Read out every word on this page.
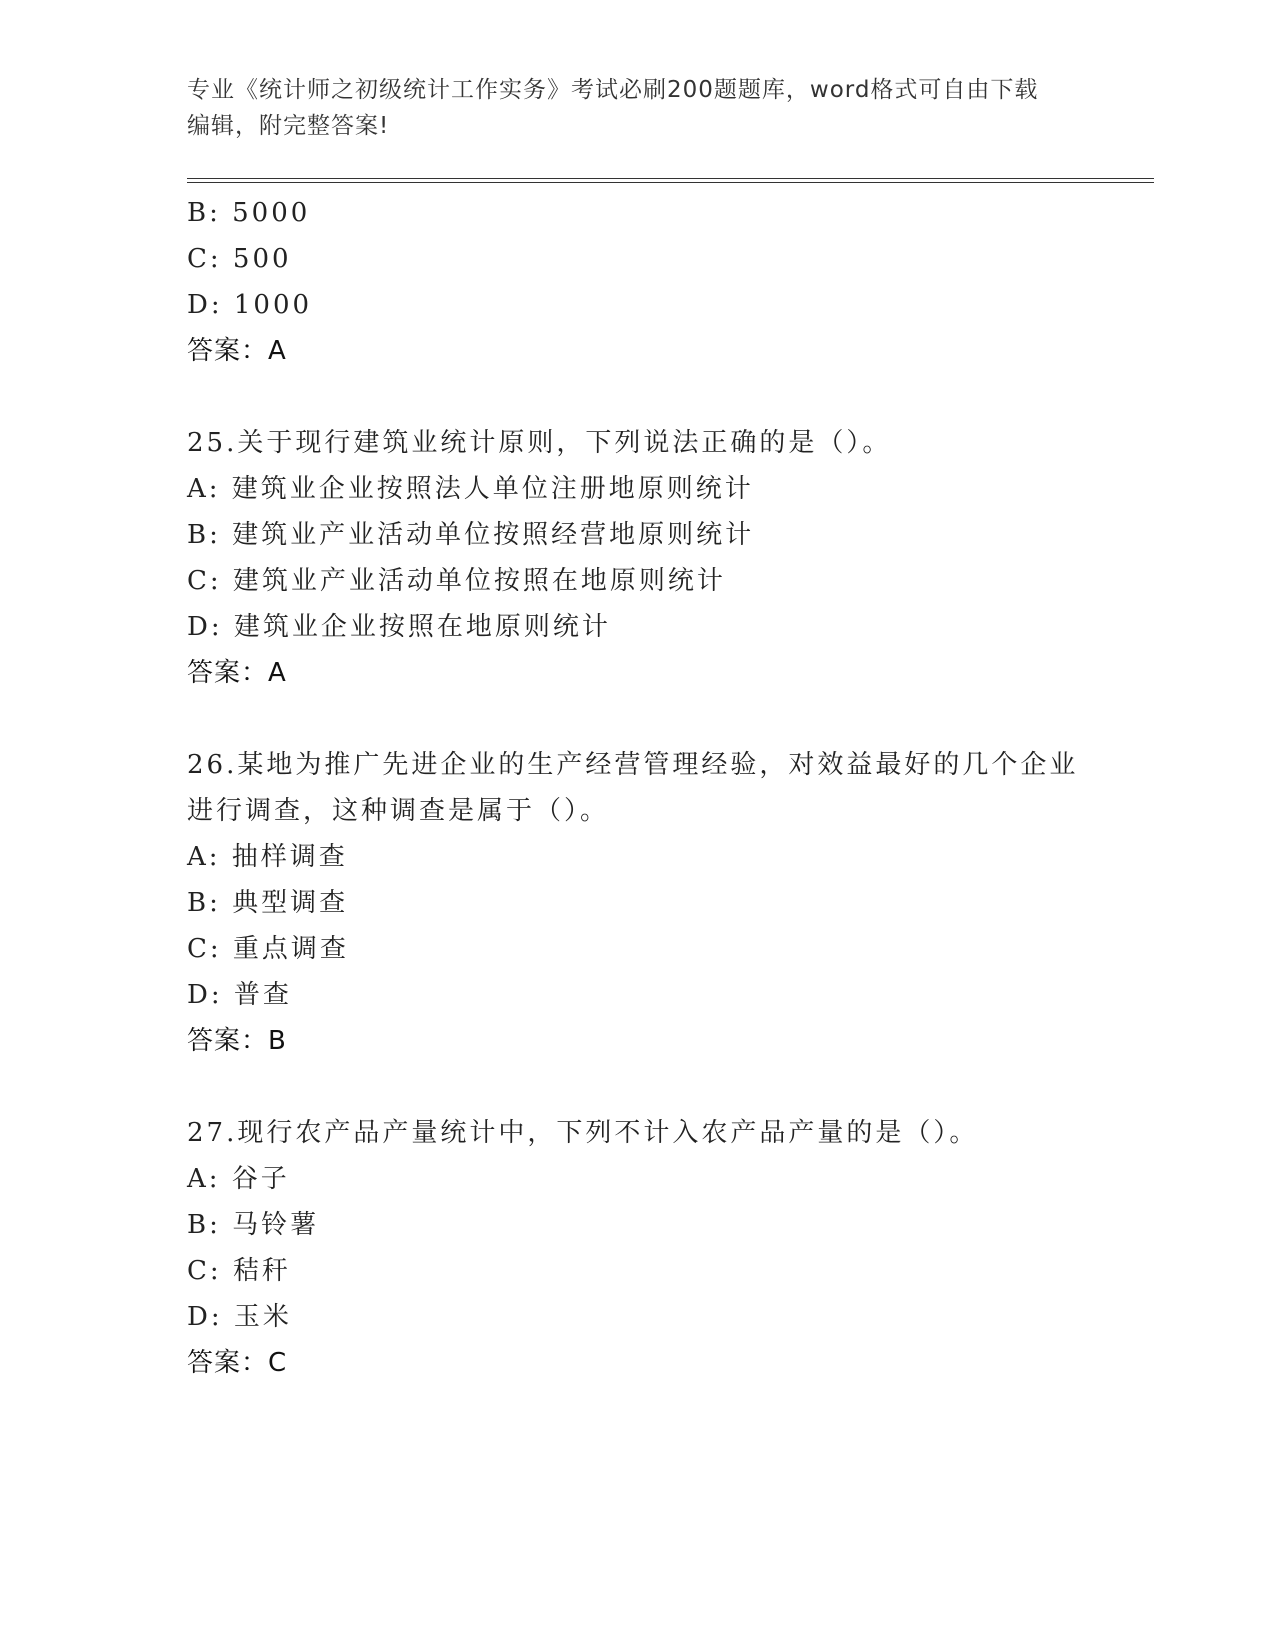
专业《统计师之初级统计工作实务》考试必刷200题题库，word格式可自由下载
编辑，附完整答案!
B: 5000
C: 500
D: 1000
答案：A
25.关于现行建筑业统计原则，下列说法正确的是（）。
A: 建筑业企业按照法人单位注册地原则统计
B: 建筑业产业活动单位按照经营地原则统计
C: 建筑业产业活动单位按照在地原则统计
D: 建筑业企业按照在地原则统计
答案：A
26.某地为推广先进企业的生产经营管理经验，对效益最好的几个企业
进行调查，这种调查是属于（）。
A: 抽样调查
B: 典型调查
C: 重点调查
D: 普查
答案：B
27.现行农产品产量统计中，下列不计入农产品产量的是（）。
A: 谷子
B: 马铃薯
C: 秸秆
D: 玉米
答案：C
